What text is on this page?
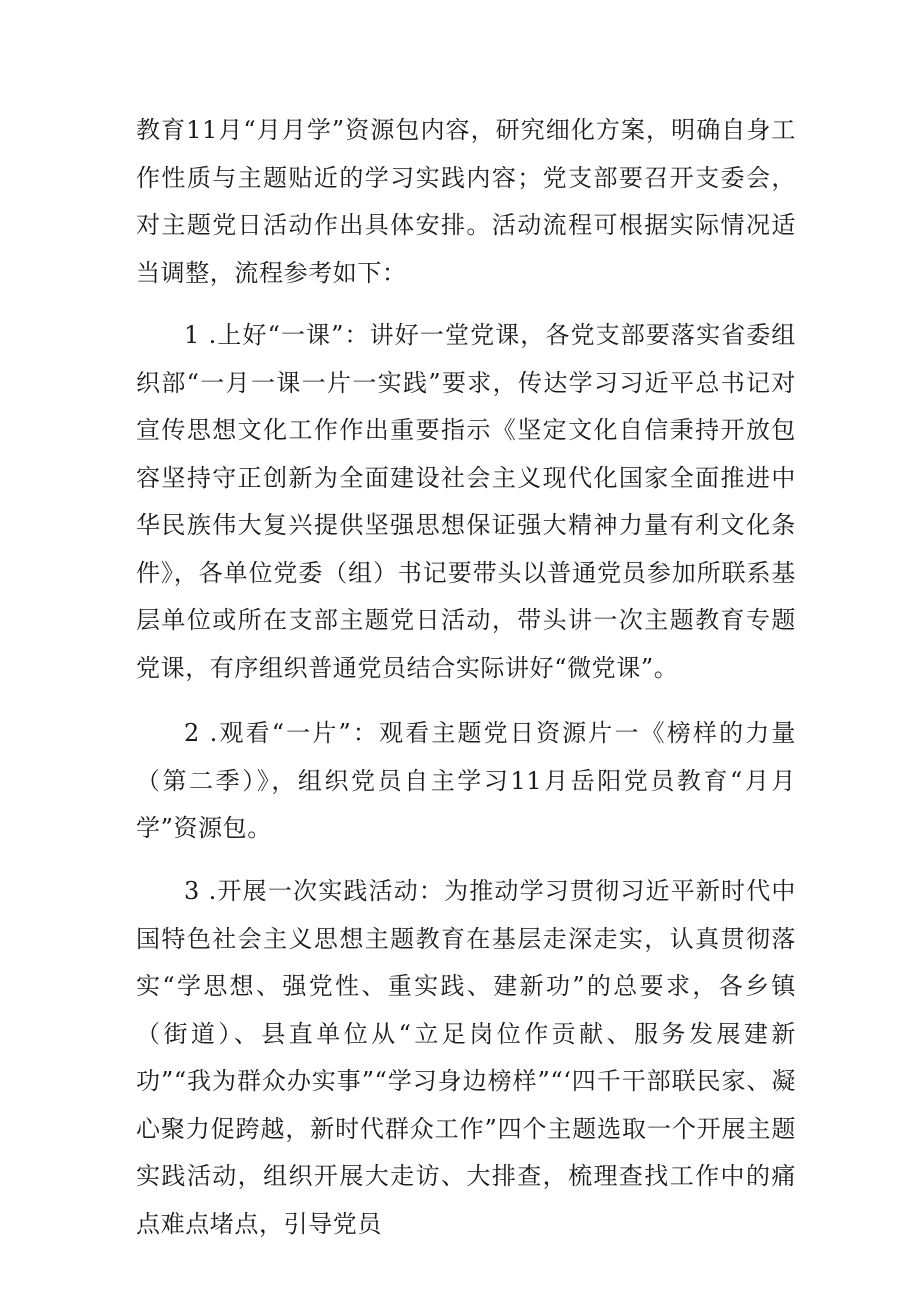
教育11月“月月学”资源包内容，研究细化方案，明确自身工作性质与主题贴近的学习实践内容；党支部要召开支委会，对主题党日活动作出具体安排。活动流程可根据实际情况适当调整，流程参考如下：

1 .上好“一课”：讲好一堂党课，各党支部要落实省委组织部“一月一课一片一实践”要求，传达学习习近平总书记对宣传思想文化工作作出重要指示《坚定文化自信秉持开放包容坚持守正创新为全面建设社会主义现代化国家全面推进中华民族伟大复兴提供坚强思想保证强大精神力量有利文化条件》，各单位党委（组）书记要带头以普通党员参加所联系基层单位或所在支部主题党日活动，带头讲一次主题教育专题党课，有序组织普通党员结合实际讲好“微党课”。

2 .观看“一片”：观看主题党日资源片一《榜样的力量（第二季）》，组织党员自主学习11月岳阳党员教育“月月学”资源包。

3 .开展一次实践活动：为推动学习贯彻习近平新时代中国特色社会主义思想主题教育在基层走深走实，认真贯彻落实“学思想、强党性、重实践、建新功”的总要求，各乡镇（街道）、县直单位从“立足岗位作贡献、服务发展建新功”“我为群众办实事”“学习身边榜样”“‘四千干部联民家、凝心聚力促跨越，新时代群众工作”四个主题选取一个开展主题实践活动，组织开展大走访、大排查，梳理查找工作中的痛点难点堵点，引导党员
